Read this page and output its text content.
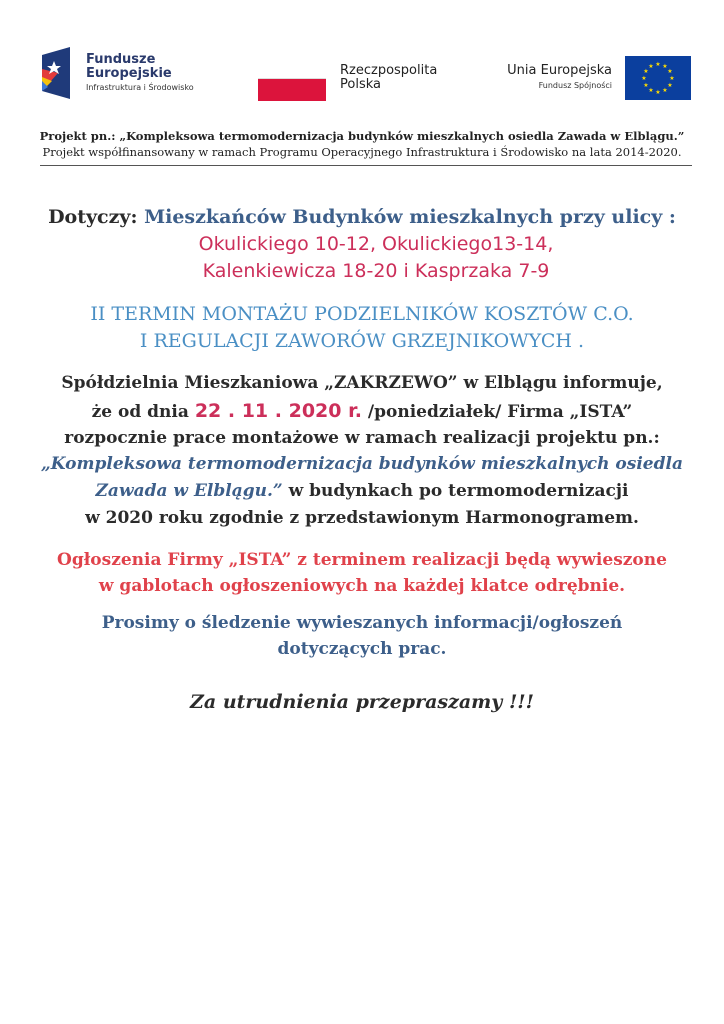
Fundusze
Europejskie
Infrastruktura i Środowisko
Rzeczpospolita
Polska
Unia Europejska
Fundusz Spójności
★ ★
★
★
★
★
★
★
★
★
★
★
Projekt pn.: „Kompleksowa termomodernizacja budynków mieszkalnych osiedla Zawada w Elblągu.”
Projekt współfinansowany w ramach Programu Operacyjnego Infrastruktura i Środowisko na lata 2014-2020.
Dotyczy: Mieszkańców Budynków mieszkalnych przy ulicy :
Okulickiego 10-12, Okulickiego13-14,
Kalenkiewicza 18-20 i Kasprzaka 7-9
II TERMIN MONTAŻU PODZIELNIKÓW KOSZTÓW C.O.
I REGULACJI ZAWORÓW GRZEJNIKOWYCH .
Spółdzielnia Mieszkaniowa „ZAKRZEWO” w Elblągu informuje,
że od dnia 22 . 11 . 2020 r. /poniedziałek/ Firma „ISTA”
rozpocznie prace montażowe w ramach realizacji projektu pn.:
„Kompleksowa termomodernizacja budynków mieszkalnych osiedla
Zawada w Elblągu.” w budynkach po termomodernizacji
w 2020 roku zgodnie z przedstawionym Harmonogramem.
Ogłoszenia Firmy „ISTA” z terminem realizacji będą wywieszone
w gablotach ogłoszeniowych na każdej klatce odrębnie.
Prosimy o śledzenie wywieszanych informacji/ogłoszeń
dotyczących prac.
Za utrudnienia przepraszamy !!!
